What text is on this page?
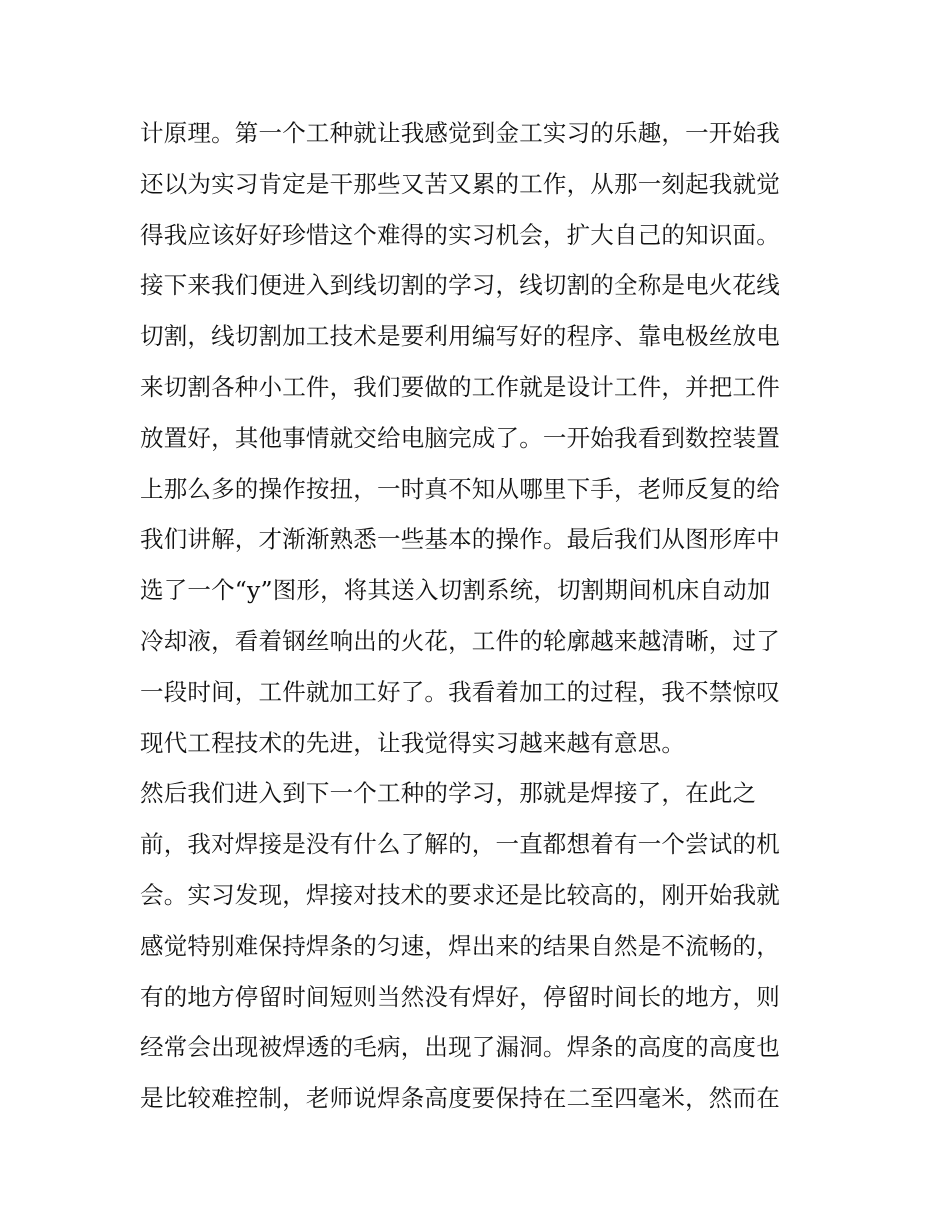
计原理。第一个工种就让我感觉到金工实习的乐趣，一开始我
还以为实习肯定是干那些又苦又累的工作，从那一刻起我就觉
得我应该好好珍惜这个难得的实习机会，扩大自己的知识面。
接下来我们便进入到线切割的学习，线切割的全称是电火花线
切割，线切割加工技术是要利用编写好的程序、靠电极丝放电
来切割各种小工件，我们要做的工作就是设计工件，并把工件
放置好，其他事情就交给电脑完成了。一开始我看到数控装置
上那么多的操作按扭，一时真不知从哪里下手，老师反复的给
我们讲解，才渐渐熟悉一些基本的操作。最后我们从图形库中
选了一个“y”图形，将其送入切割系统，切割期间机床自动加
冷却液，看着钢丝响出的火花，工件的轮廓越来越清晰，过了
一段时间，工件就加工好了。我看着加工的过程，我不禁惊叹
现代工程技术的先进，让我觉得实习越来越有意思。
然后我们进入到下一个工种的学习，那就是焊接了，在此之
前，我对焊接是没有什么了解的，一直都想着有一个尝试的机
会。实习发现，焊接对技术的要求还是比较高的，刚开始我就
感觉特别难保持焊条的匀速，焊出来的结果自然是不流畅的，
有的地方停留时间短则当然没有焊好，停留时间长的地方，则
经常会出现被焊透的毛病，出现了漏洞。焊条的高度的高度也
是比较难控制，老师说焊条高度要保持在二至四毫米，然而在
